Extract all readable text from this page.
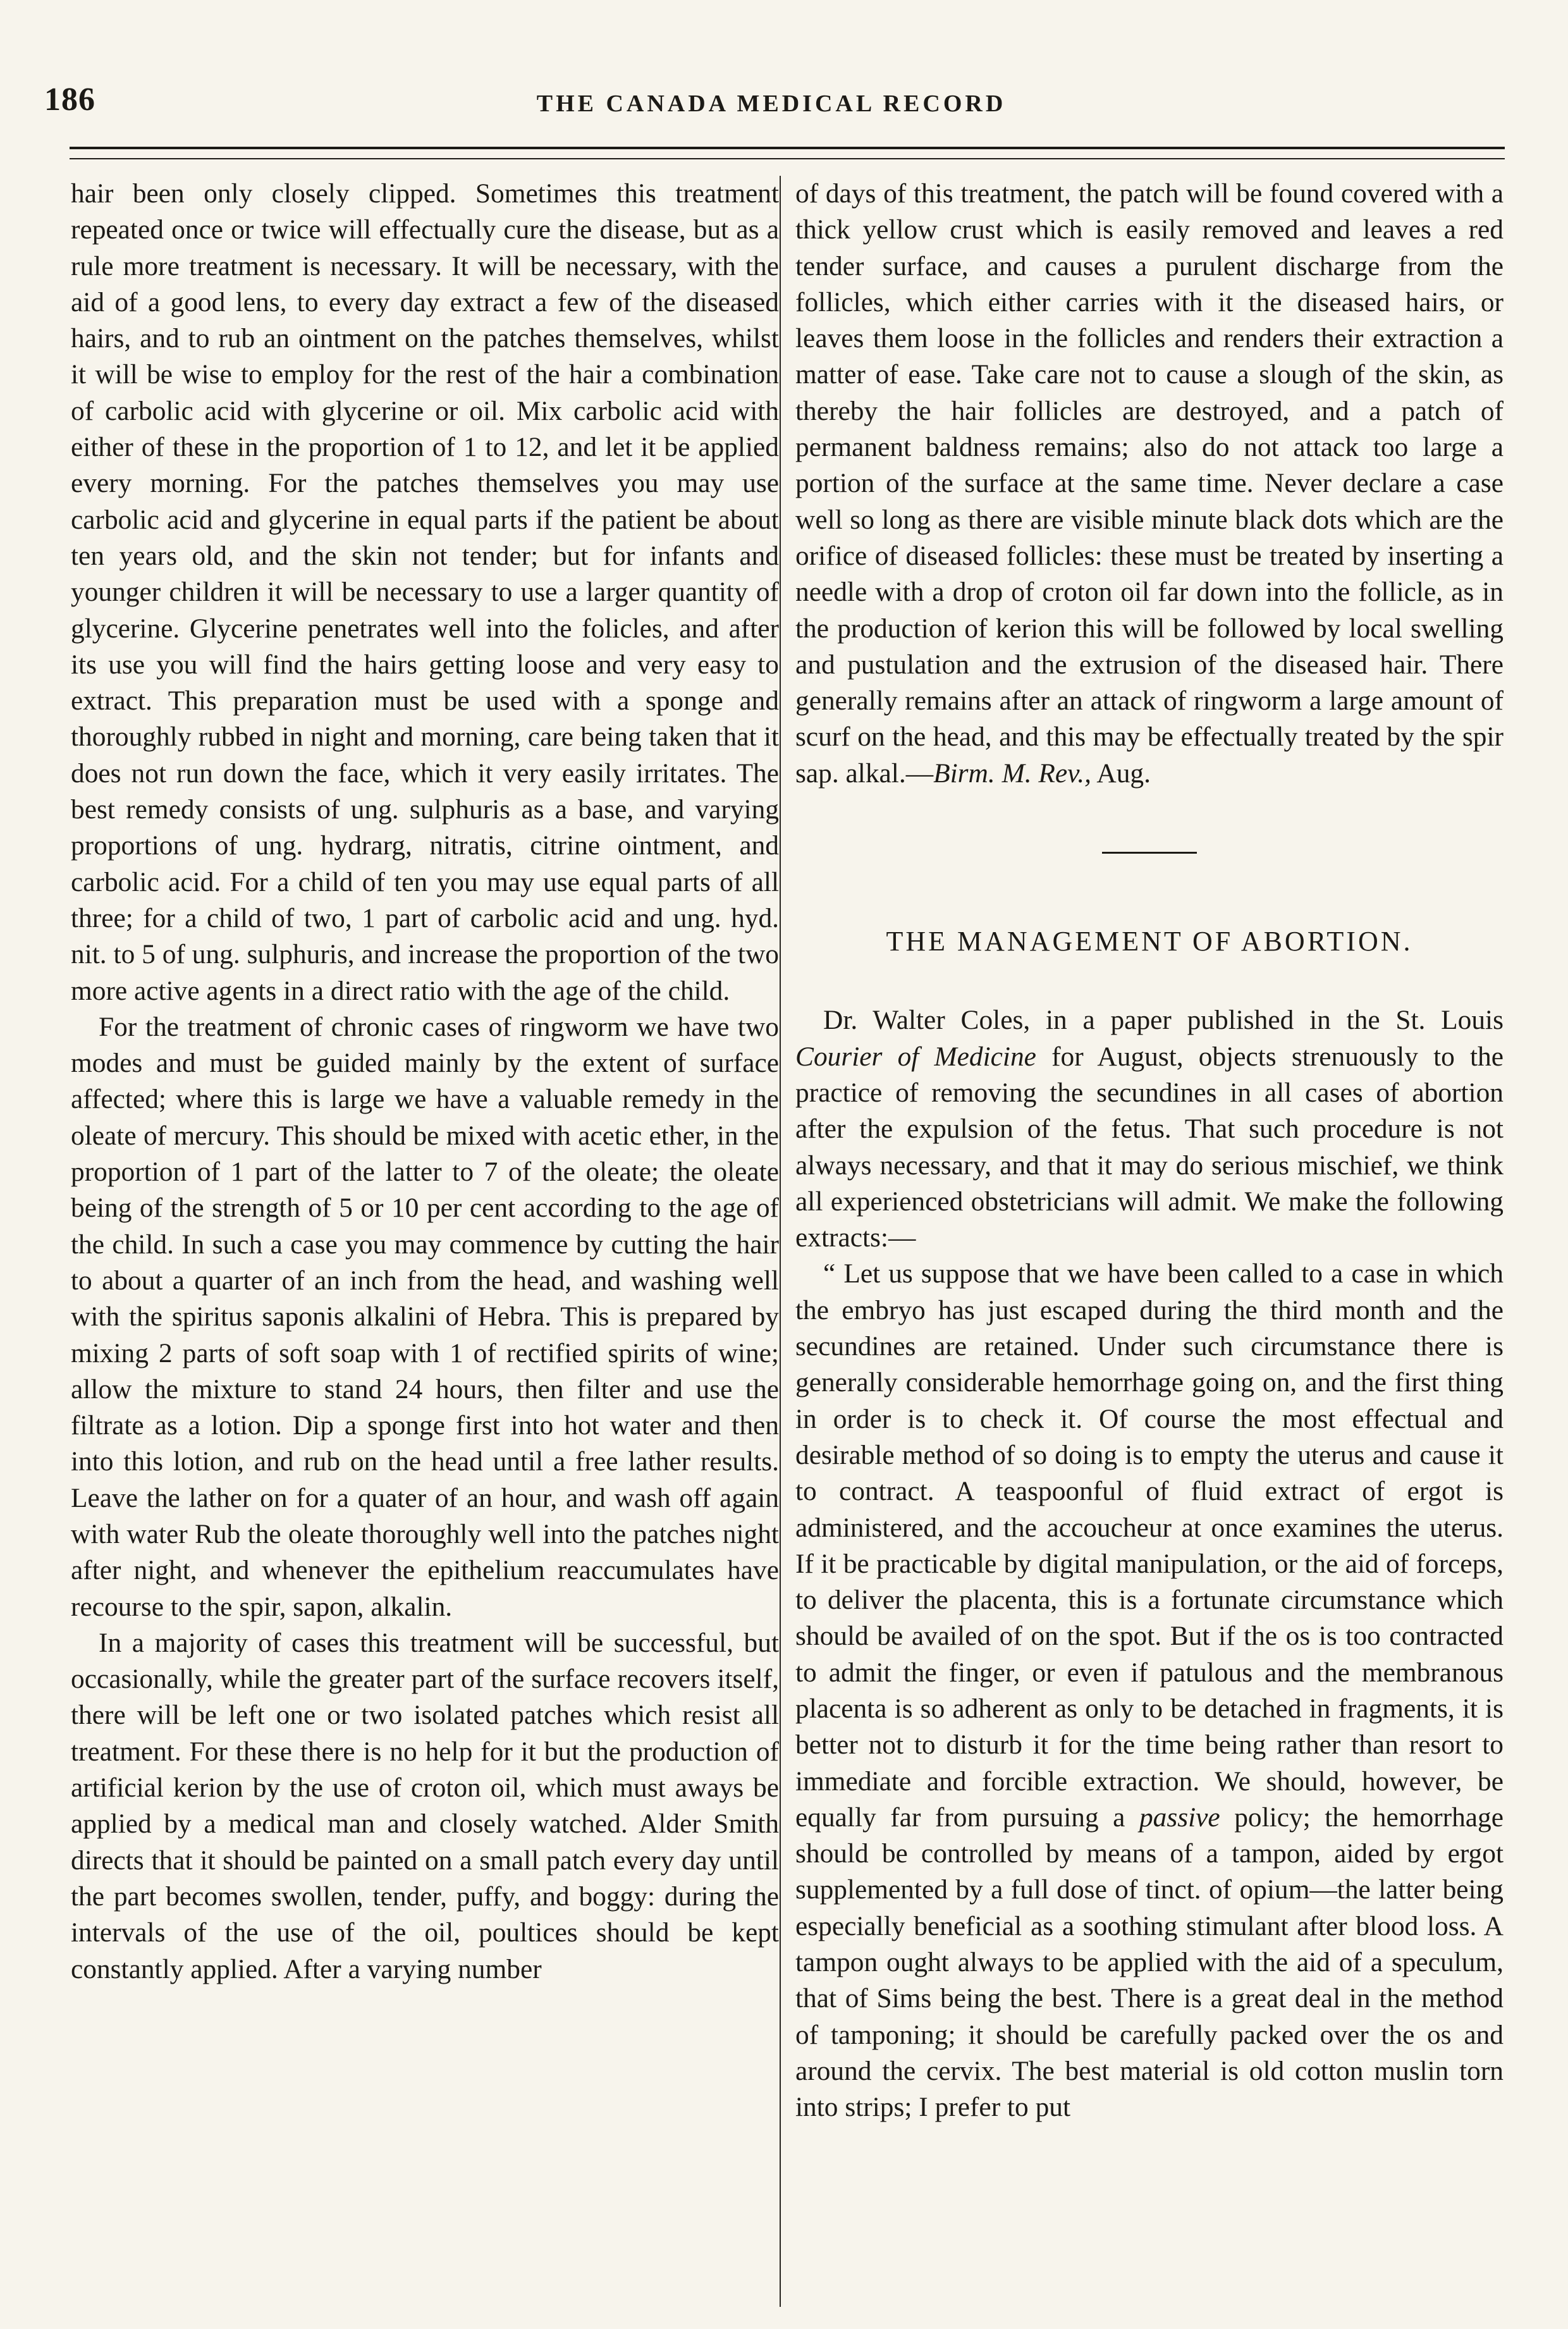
186	THE CANADA MEDICAL RECORD

hair been only closely clipped. Sometimes this treatment repeated once or twice will effectually cure the disease, but as a rule more treatment is necessary. It will be necessary, with the aid of a good lens, to every day extract a few of the diseased hairs, and to rub an ointment on the patches themselves, whilst it will be wise to employ for the rest of the hair a combination of carbolic acid with glycerine or oil. Mix carbolic acid with either of these in the proportion of 1 to 12, and let it be applied every morning. For the patches themselves you may use carbolic acid and glycerine in equal parts if the patient be about ten years old, and the skin not tender; but for infants and younger children it will be necessary to use a larger quantity of glycerine. Glycerine penetrates well into the folicles, and after its use you will find the hairs getting loose and very easy to extract. This preparation must be used with a sponge and thoroughly rubbed in night and morning, care being taken that it does not run down the face, which it very easily irritates. The best remedy consists of ung. sulphuris as a base, and varying proportions of ung. hydrarg, nitratis, citrine ointment, and carbolic acid. For a child of ten you may use equal parts of all three; for a child of two, 1 part of carbolic acid and ung. hyd. nit. to 5 of ung. sulphuris, and increase the proportion of the two more active agents in a direct ratio with the age of the child.

For the treatment of chronic cases of ringworm we have two modes and must be guided mainly by the extent of surface affected; where this is large we have a valuable remedy in the oleate of mercury. This should be mixed with acetic ether, in the proportion of 1 part of the latter to 7 of the oleate; the oleate being of the strength of 5 or 10 per cent according to the age of the child. In such a case you may commence by cutting the hair to about a quarter of an inch from the head, and washing well with the spiritus saponis alkalini of Hebra. This is prepared by mixing 2 parts of soft soap with 1 of rectified spirits of wine; allow the mixture to stand 24 hours, then filter and use the filtrate as a lotion. Dip a sponge first into hot water and then into this lotion, and rub on the head until a free lather results. Leave the lather on for a quater of an hour, and wash off again with water Rub the oleate thoroughly well into the patches night after night, and whenever the epithelium reaccumulates have recourse to the spir, sapon, alkalin.

In a majority of cases this treatment will be successful, but occasionally, while the greater part of the surface recovers itself, there will be left one or two isolated patches which resist all treatment. For these there is no help for it but the production of artificial kerion by the use of croton oil, which must aways be applied by a medical man and closely watched. Alder Smith directs that it should be painted on a small patch every day until the part becomes swollen, tender, puffy, and boggy: during the intervals of the use of the oil, poultices should be kept constantly applied. After a varying number

of days of this treatment, the patch will be found covered with a thick yellow crust which is easily removed and leaves a red tender surface, and causes a purulent discharge from the follicles, which either carries with it the diseased hairs, or leaves them loose in the follicles and renders their extraction a matter of ease. Take care not to cause a slough of the skin, as thereby the hair follicles are destroyed, and a patch of permanent baldness remains; also do not attack too large a portion of the surface at the same time. Never declare a case well so long as there are visible minute black dots which are the orifice of diseased follicles: these must be treated by inserting a needle with a drop of croton oil far down into the follicle, as in the production of kerion this will be followed by local swelling and pustulation and the extrusion of the diseased hair. There generally remains after an attack of ringworm a large amount of scurf on the head, and this may be effectually treated by the spir sap. alkal.—Birm. M. Rev., Aug.

THE MANAGEMENT OF ABORTION.

Dr. Walter Coles, in a paper published in the St. Louis Courier of Medicine for August, objects strenuously to the practice of removing the secundines in all cases of abortion after the expulsion of the fetus. That such procedure is not always necessary, and that it may do serious mischief, we think all experienced obstetricians will admit. We make the following extracts:—

“ Let us suppose that we have been called to a case in which the embryo has just escaped during the third month and the secundines are retained. Under such circumstance there is generally considerable hemorrhage going on, and the first thing in order is to check it. Of course the most effectual and desirable method of so doing is to empty the uterus and cause it to contract. A teaspoonful of fluid extract of ergot is administered, and the accoucheur at once examines the uterus. If it be practicable by digital manipulation, or the aid of forceps, to deliver the placenta, this is a fortunate circumstance which should be availed of on the spot. But if the os is too contracted to admit the finger, or even if patulous and the membranous placenta is so adherent as only to be detached in fragments, it is better not to disturb it for the time being rather than resort to immediate and forcible extraction. We should, however, be equally far from pursuing a passive policy; the hemorrhage should be controlled by means of a tampon, aided by ergot supplemented by a full dose of tinct. of opium—the latter being especially beneficial as a soothing stimulant after blood loss. A tampon ought always to be applied with the aid of a speculum, that of Sims being the best. There is a great deal in the method of tamponing; it should be carefully packed over the os and around the cervix. The best material is old cotton muslin torn into strips; I prefer to put
